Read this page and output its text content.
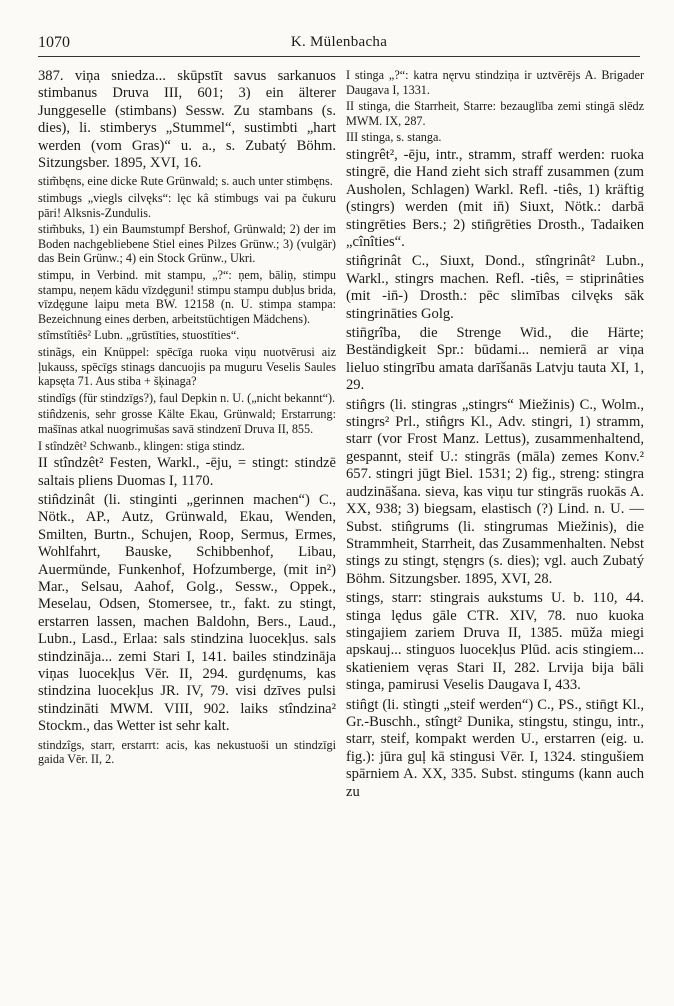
1070	K. Mülenbacha

387. viņa sniedza... skūpstīt savus sarkanuos stimbanus Druva III, 601; 3) ein älterer Junggeselle (stimbans) Sessw. Zu stambans (s. dies), li. stimberys „Stummel“, sustimbti „hart werden (vom Gras)“ u. a., s. Zubatý Böhm. Sitzungsber. 1895, XVI, 16.

stim̃bęns, eine dicke Rute Grünwald; s. auch unter stimbęns.

stimbugs „viegls cilvęks“: lęc kâ stimbugs vai pa čukuru pāri! Alksnis-Zundulis.

stim̃buks, 1) ein Baumstumpf Bershof, Grünwald; 2) der im Boden nachgebliebene Stiel eines Pilzes Grünw.; 3) (vulgär) das Bein Grünw.; 4) ein Stock Grünw., Ukri.

stimpu, in Verbind. mit stampu, „?“: ņem, bāliņ, stimpu stampu, neņem kādu vīzdęguni! stimpu stampu dubļus brida, vīzdęgune laipu meta BW. 12158 (n. U. stimpa stampa: Bezeichnung eines derben, arbeitstüchtigen Mädchens).

stîmstîtiês² Lubn. „grūstīties, stuostīties“.

stinãgs, ein Knüppel: spēcīga ruoka viņu nuotvērusi aiz ļukauss, spēcīgs stinags dancuojis pa muguru Veselis Saules kapsęta 71. Aus stiba + šķinaga?

stindîgs (für stindzīgs?), faul Depkin n. U. („nicht bekannt“).

stin̂dzenis, sehr grosse Kälte Ekau, Grünwald; Erstarrung: mašīnas atkal nuogrimušas savā stindzenī Druva II, 855.

I stîndzêt² Schwanb., klingen: stiga stindz.

II stîndzêt² Festen, Warkl., -ēju, = stingt: stindzē saltais pliens Duomas I, 1170.

stin̂dzinât (li. stinginti „gerinnen machen“) C., Nötk., AP., Autz, Grünwald, Ekau, Wenden, Smilten, Burtn., Schujen, Roop, Sermus, Ermes, Wohlfahrt, Bauske, Schibbenhof, Libau, Auermünde, Funkenhof, Hofzumberge, (mit in²) Mar., Selsau, Aahof, Golg., Sessw., Oppek., Meselau, Odsen, Stomersee, tr., fakt. zu stingt, erstarren lassen, machen Baldohn, Bers., Laud., Lubn., Lasd., Erlaa: sals stindzina luocekļus. sals stindzināja... zemi Stari I, 141. bailes stindzināja viņas luocekļus Vēr. II, 294. gurdęnums, kas stindzina luocekļus JR. IV, 79. visi dzīves pulsi stindzināti MWM. VIII, 902. laiks stîndzina² Stockm., das Wetter ist sehr kalt.

stindzîgs, starr, erstarrt: acis, kas nekustuoši un stindzīgi gaida Vēr. II, 2.

I stinga „?“: katra nęrvu stindziņa ir uztvērējs A. Brigader Daugava I, 1331.

II stinga, die Starrheit, Starre: bezauglība zemi stingā slēdz MWM. IX, 287.

III stinga, s. stanga.

stingrêt², -ēju, intr., stramm, straff werden: ruoka stingrē, die Hand zieht sich straff zusammen (zum Ausholen, Schlagen) Warkl. Refl. -tiês, 1) kräftig (stingrs) werden (mit in̄) Siuxt, Nötk.: darbā stingrēties Bers.; 2) stin̄grēties Drosth., Tadaiken „cînîties“.

stin̂grinât C., Siuxt, Dond., stîngrinât² Lubn., Warkl., stingrs machen. Refl. -tiês, = stiprinâties (mit -in̄-) Drosth.: pēc slimības cilvęks sāk stingrināties Golg.

stin̄grîba, die Strenge Wid., die Härte; Beständigkeit Spr.: būdami... nemierā ar viņa lieluo stingrību amata darīšanās Latvju tauta XI, 1, 29.

stin̂grs (li. stingras „stingrs“ Miežinis) C., Wolm., stingrs² Prl., stin̂grs Kl., Adv. stingri, 1) stramm, starr (vor Frost Manz. Lettus), zusammenhaltend, gespannt, steif U.: stingrās (māla) zemes Konv.² 657. stingri jūgt Biel. 1531; 2) fig., streng: stingra audzināšana. sieva, kas viņu tur stingrās ruokās A. XX, 938; 3) biegsam, elastisch (?) Lind. n. U. — Subst. stin̂grums (li. stingrumas Miežinis), die Strammheit, Starrheit, das Zusammenhalten. Nebst stings zu stingt, stęngrs (s. dies); vgl. auch Zubatý Böhm. Sitzungsber. 1895, XVI, 28.

stings, starr: stingrais aukstums U. b. 110, 44. stinga lędus gāle CTR. XIV, 78. nuo kuoka stingajiem zariem Druva II, 1385. mūža miegi apskauj... stinguos luocekļus Plūd. acis stingiem... skatieniem vęras Stari II, 282. Lrvija bija bāli stinga, pamirusi Veselis Daugava I, 433.

stin̂gt (li. stìngti „steif werden“) C., PS., stin̄gt Kl., Gr.-Buschh., stîngt² Dunika, stingstu, stingu, intr., starr, steif, kompakt werden U., erstarren (eig. u. fig.): jūra guļ kā stingusi Vēr. I, 1324. stingušiem spārniem A. XX, 335. Subst. stingums (kann auch zu
